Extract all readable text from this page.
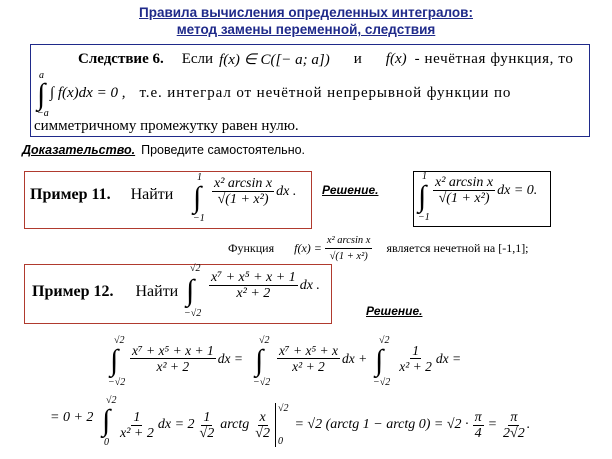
Правила вычисления определенных интегралов:
метод замены переменной, следствия
Следствие 6. Если f(x) ∈ C([− a; a]) и f(x) - нечётная функция, то
a
∫
−a
∫ f(x)dx = 0 , т.е. интеграл от нечётной непрерывной функции по
симметричному промежутку равен нулю.
Доказательство. Проведите самостоятельно.
Пример 11. Найти
1
∫
−1
$\frac{\text{x² arcsin x}}{\text{√(1 + x²)}}$ dx . Решение.
1
∫
−1
$\frac{\text{x² arcsin x}}{\text{√(1 + x²)}}$ dx = 0.
Функция $f(x) = \frac{\text{x² arcsin x}}{\text{√(1 + x²)}}$ является нечетной на [-1,1];
Пример 12. Найти
√2
∫
−√2
$\frac{\text{x⁷ + x⁵ + x + 1}}{\text{x² + 2}}$ dx .
Решение.
√2
∫
−√2
$\frac{\text{x⁷ + x⁵ + x + 1}}{\text{x² + 2}}$ dx =	$\frac{\text{x⁷ + x⁵ + x}}{\text{x² + 2}}$ dx + $\frac{1}{\text{x² + 2}}$ dx =
√2
∫
−√2
√2
∫
−√2
= 0 + 2
√2
∫
0
$\frac{1}{\text{x² + 2}}$ dx = $2 \frac{1}{√2}$ arctg $\frac{x}{√2}$
√2
0
= √2 (arctg 1 − arctg $0) = √2 \cdot \frac{\pi}{4} = \frac{\pi}{2√2}$ .
